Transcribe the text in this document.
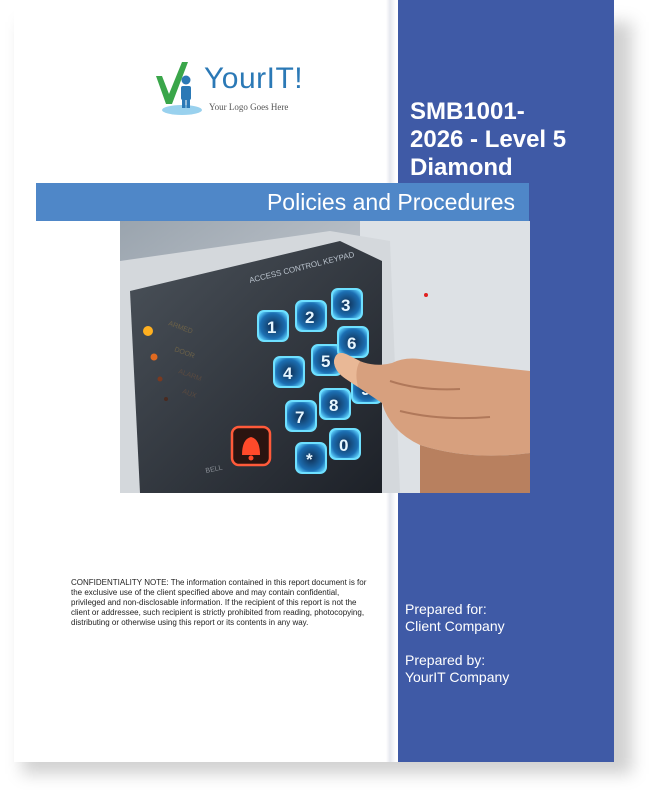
YourIT!
Your Logo Goes Here	SMB1001-
2026 - Level 5
Diamond
Policies and Procedures
ACCESS CONTROL KEYPAD
ARMED
DOOR
ALARM
AUX
1
2
3
4
5
6
7
8
*
0
BELL
CONFIDENTIALITY NOTE: The information contained in this report document is for the exclusive use of the client specified above and may contain confidential, privileged and non-disclosable information. If the recipient of this report is not the client or addressee, such recipient is strictly prohibited from reading, photocopying, distributing or otherwise using this report or its contents in any way.
Prepared for:
Client Company
Prepared by:
YourIT Company
